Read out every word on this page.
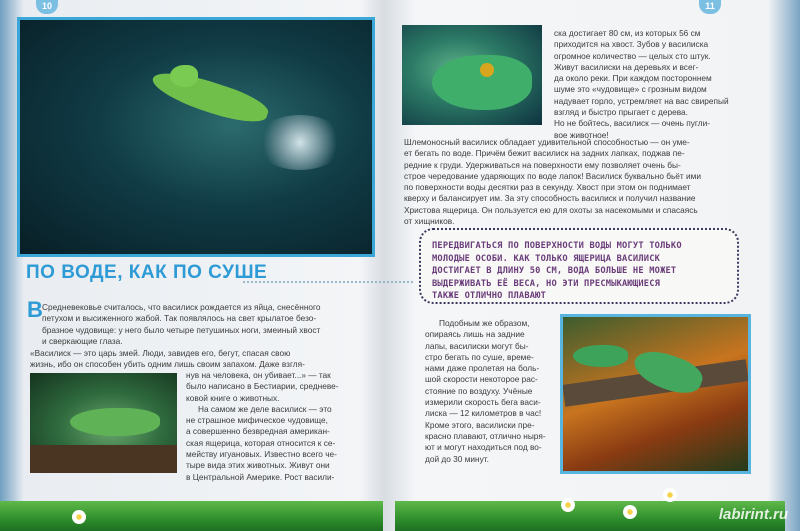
10	11
ПО ВОДЕ, КАК ПО СУШЕ
В Средневековье считалось, что василиск рождается из яйца, снесённого
петухом и высиженного жабой. Так появлялось на свет крылатое безо-
бразное чудовище: у него было четыре петушиных ноги, змеиный хвост
и сверкающие глаза.
«Василиск — это царь змей. Люди, завидев его, бегут, спасая свою
жизнь, ибо он способен убить одним лишь своим запахом. Даже взгля-
нув на человека, он убивает...» — так
было написано в Бестиарии, средневе-
ковой книге о животных.
На самом же деле василиск — это
не страшное мифическое чудовище,
а совершенно безвредная американ-
ская ящерица, которая относится к се-
мейству игуановых. Известно всего че-
тыре вида этих животных. Живут они
в Центральной Америке. Рост васили-
ска достигает 80 см, из которых 56 см
приходится на хвост. Зубов у василиска
огромное количество — целых сто штук.
Живут василиски на деревьях и всег-
да около реки. При каждом постороннем
шуме это «чудовище» с грозным видом
надувает горло, устремляет на вас свирепый
взгляд и быстро прыгает с дерева.
Но не бойтесь, василиск — очень пугли-
вое животное!
Шлемоносный василиск обладает удивительной способностью — он уме-
ет бегать по воде. Причём бежит василиск на задних лапках, поджав пе-
редние к груди. Удерживаться на поверхности ему позволяет очень бы-
строе чередование ударяющих по воде лапок! Василиск буквально бьёт ими
по поверхности воды десятки раз в секунду. Хвост при этом он поднимает
кверху и балансирует им. За эту способность василиск и получил название
Христова ящерица. Он пользуется ею для охоты за насекомыми и спасаясь
от хищников.
ПЕРЕДВИГАТЬСЯ ПО ПОВЕРХНОСТИ ВОДЫ МОГУТ ТОЛЬКО
МОЛОДЫЕ ОСОБИ. КАК ТОЛЬКО ЯЩЕРИЦА ВАСИЛИСК
ДОСТИГАЕТ В ДЛИНУ 50 СМ, ВОДА БОЛЬШЕ НЕ МОЖЕТ
ВЫДЕРЖИВАТЬ ЕЁ ВЕСА, НО ЭТИ ПРЕСМЫКАЮЩИЕСЯ
ТАКЖЕ ОТЛИЧНО ПЛАВАЮТ
Подобным же образом,
опираясь лишь на задние
лапы, василиски могут бы-
стро бегать по суше, време-
нами даже пролетая на боль-
шой скорости некоторое рас-
стояние по воздуху. Учёные
измерили скорость бега васи-
лиска — 12 километров в час!
Кроме этого, василиски пре-
красно плавают, отлично ныря-
ют и могут находиться под во-
дой до 30 минут.
labirint.ru
